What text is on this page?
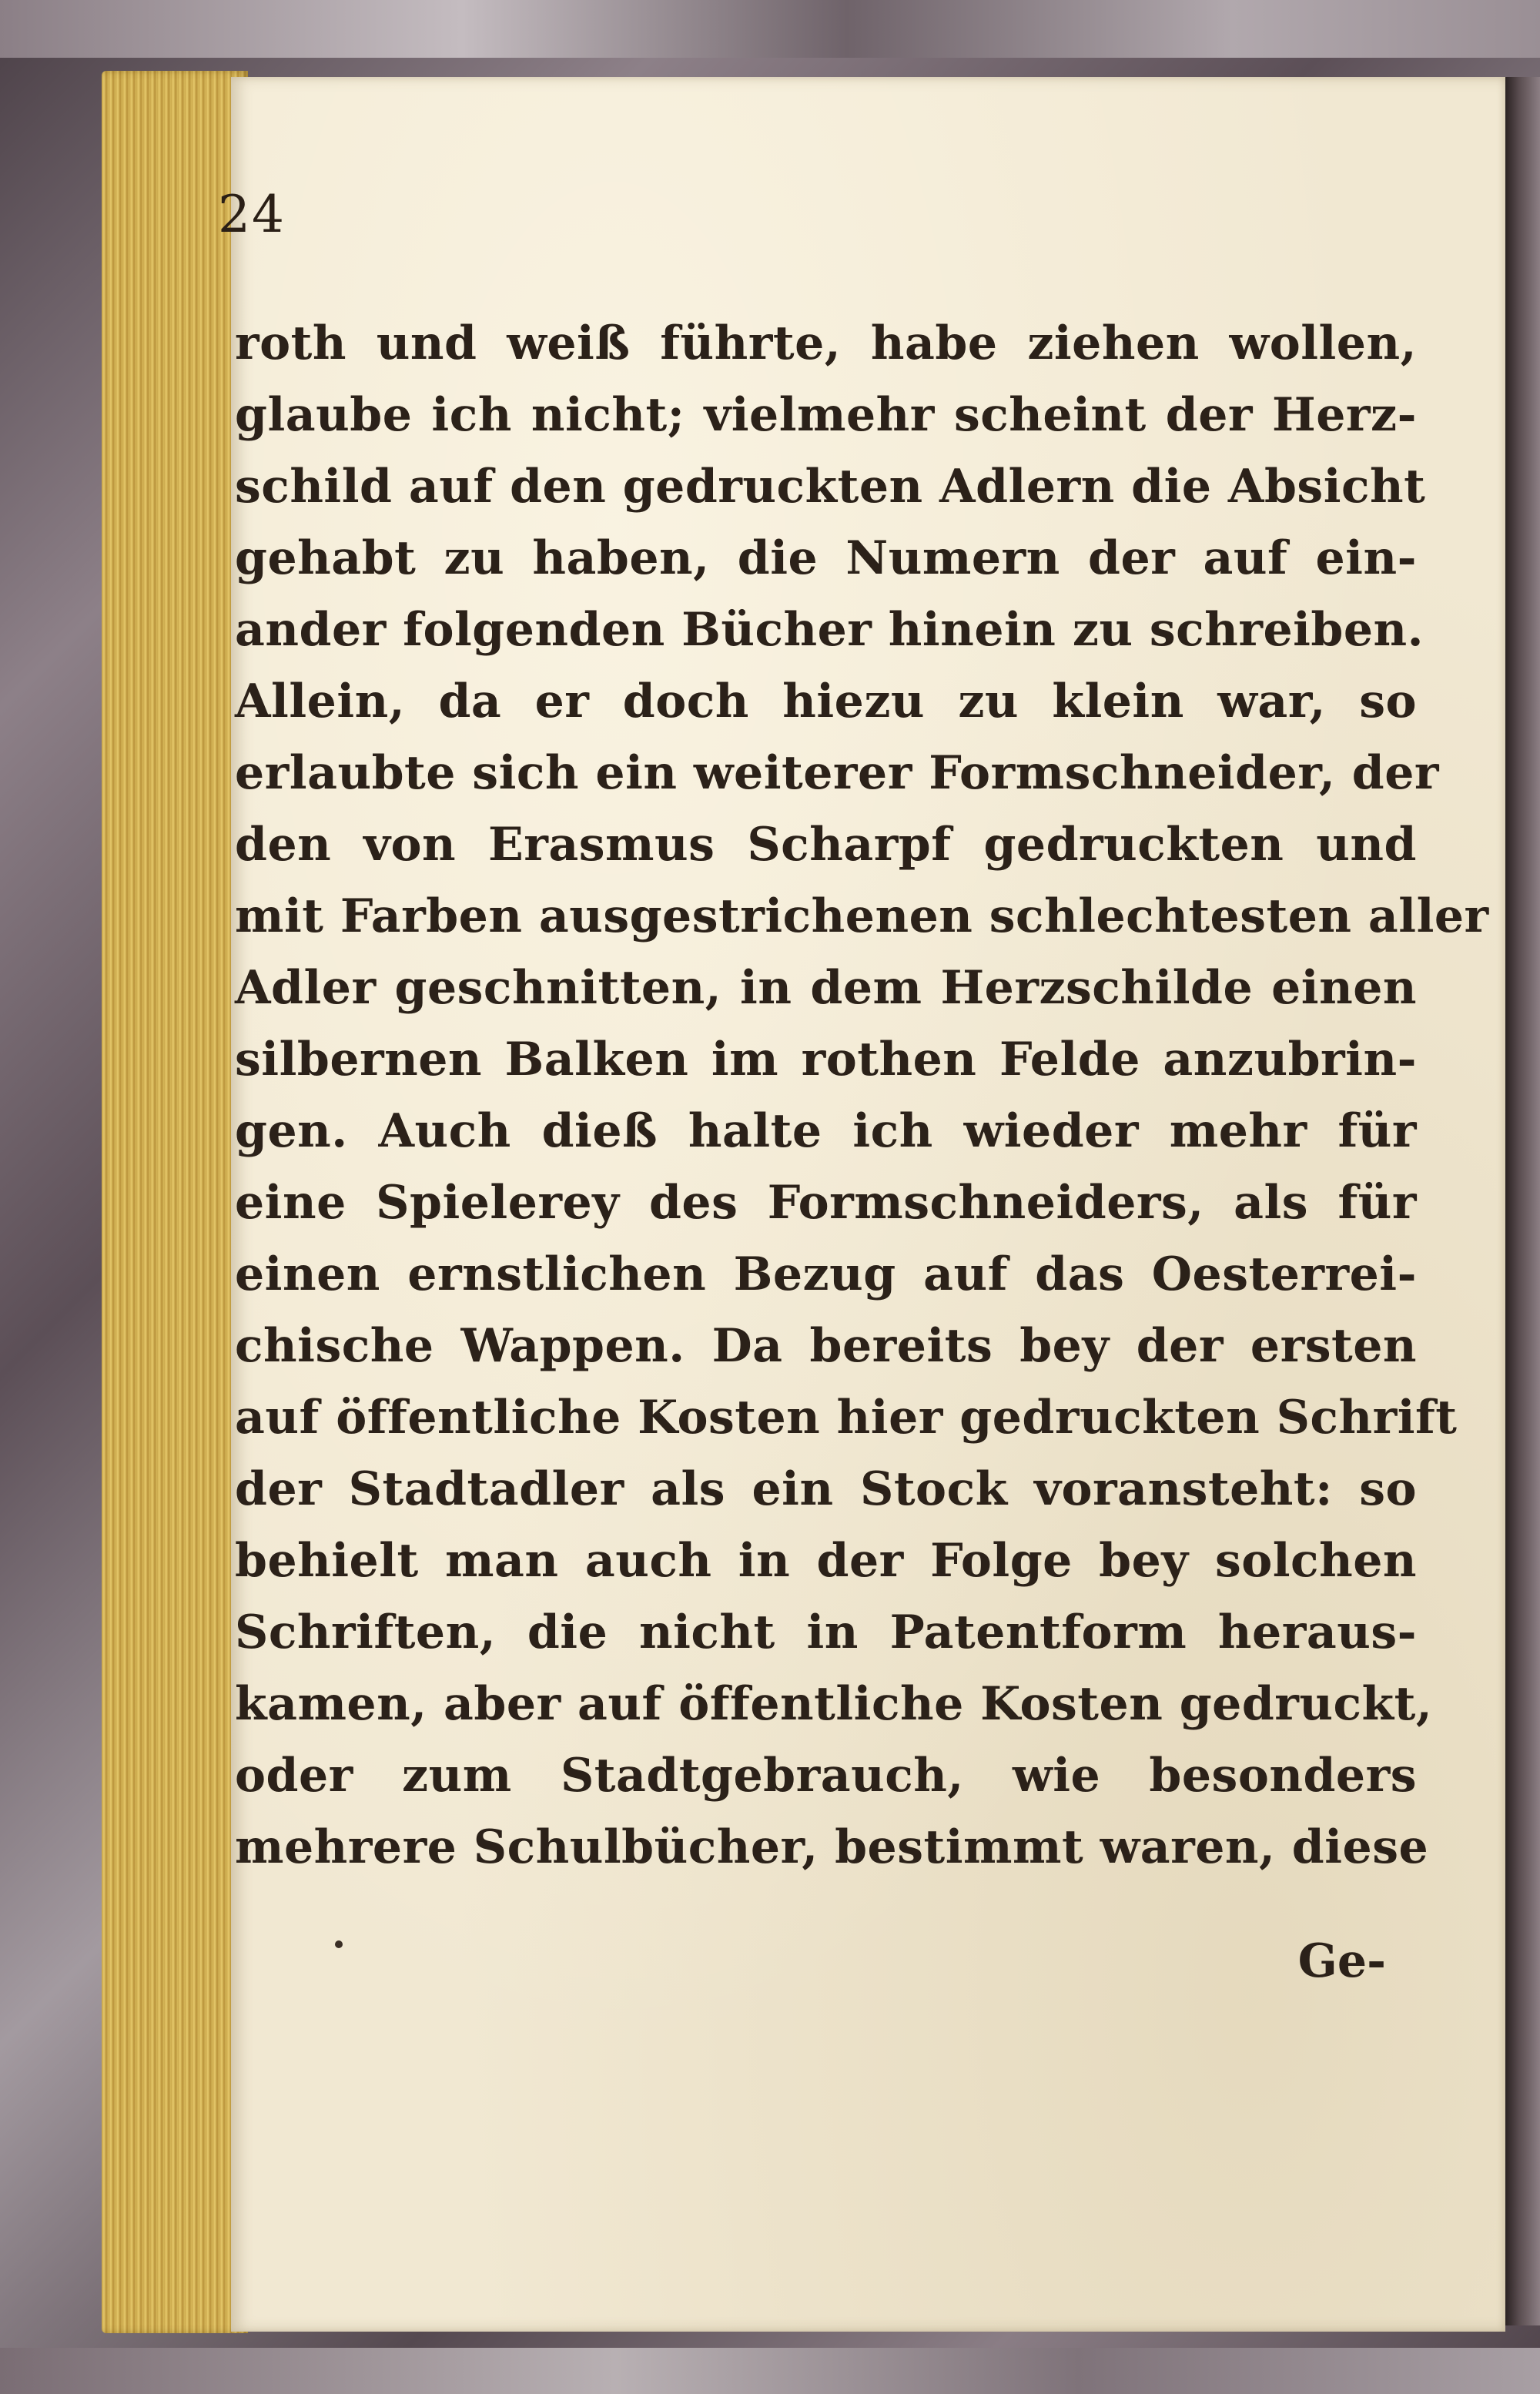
24
roth und weiß führte, habe ziehen wollen,
glaube ich nicht; vielmehr scheint der Herz-
schild auf den gedruckten Adlern die Absicht
gehabt zu haben, die Numern der auf ein-
ander folgenden Bücher hinein zu schreiben.
Allein, da er doch hiezu zu klein war, so
erlaubte sich ein weiterer Formschneider, der
den von Erasmus Scharpf gedruckten und
mit Farben ausgestrichenen schlechtesten aller
Adler geschnitten, in dem Herzschilde einen
silbernen Balken im rothen Felde anzubrin-
gen. Auch dieß halte ich wieder mehr für
eine Spielerey des Formschneiders, als für
einen ernstlichen Bezug auf das Oesterrei-
chische Wappen. Da bereits bey der ersten
auf öffentliche Kosten hier gedruckten Schrift
der Stadtadler als ein Stock voransteht: so
behielt man auch in der Folge bey solchen
Schriften, die nicht in Patentform heraus-
kamen, aber auf öffentliche Kosten gedruckt,
oder zum Stadtgebrauch, wie besonders
mehrere Schulbücher, bestimmt waren, diese
Ge-
